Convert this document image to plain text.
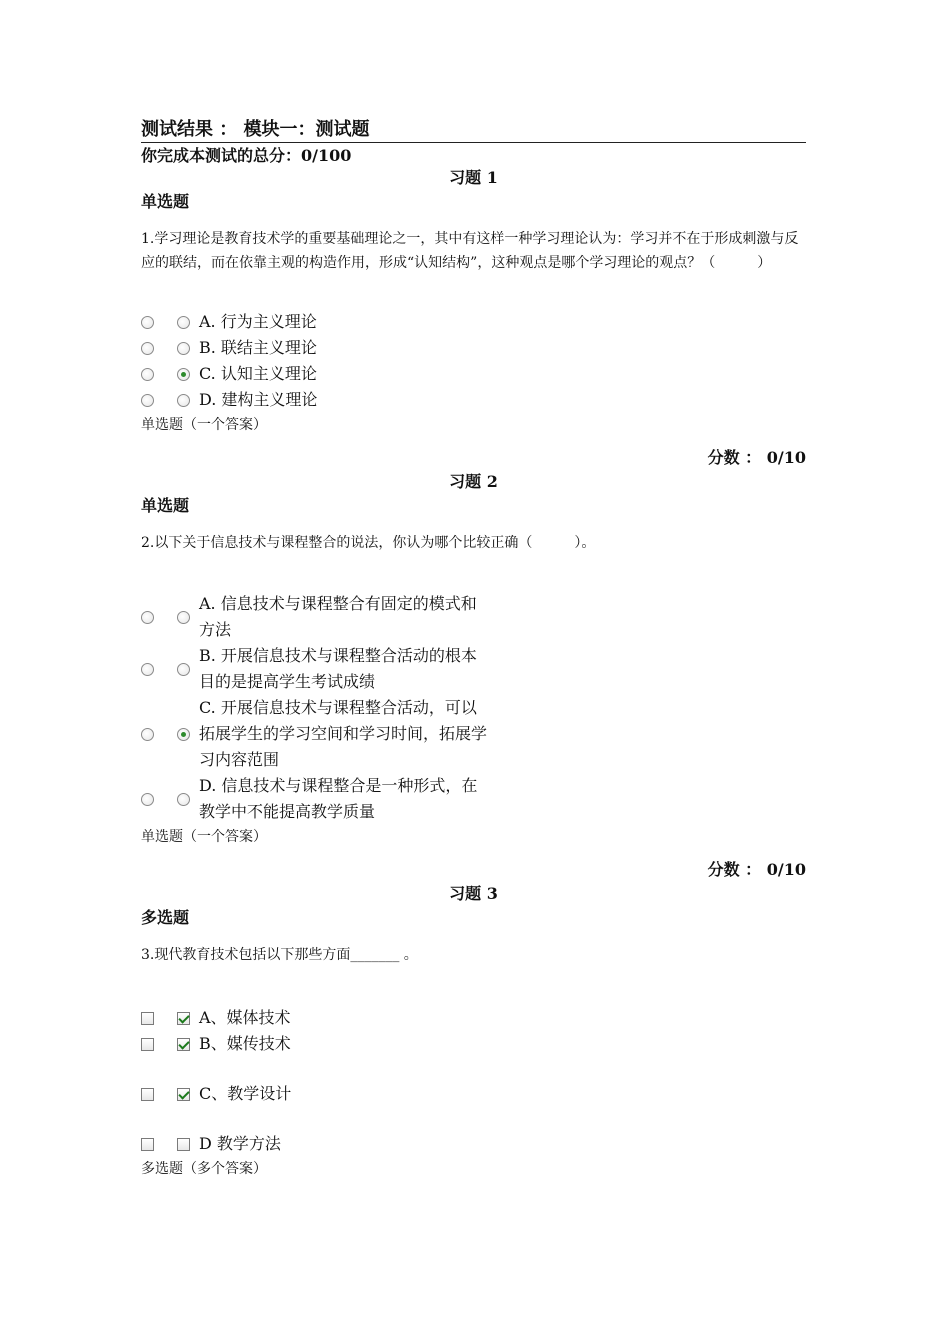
测试结果 ： 模块一：测试题
你完成本测试的总分：0/100
习题 1
单选题
1.学习理论是教育技术学的重要基础理论之一，其中有这样一种学习理论认为：学习并不在于形成刺激与反应的联结，而在依靠主观的构造作用，形成“认知结构”，这种观点是哪个学习理论的观点？（　　　）
A. 行为主义理论
B. 联结主义理论
C. 认知主义理论
D. 建构主义理论
单选题（一个答案）
分数 ： 0/10
习题 2
单选题
2.以下关于信息技术与课程整合的说法，你认为哪个比较正确（　　　）。
A. 信息技术与课程整合有固定的模式和方法
B. 开展信息技术与课程整合活动的根本目的是提高学生考试成绩
C. 开展信息技术与课程整合活动，可以拓展学生的学习空间和学习时间，拓展学习内容范围
D. 信息技术与课程整合是一种形式，在教学中不能提高教学质量
单选题（一个答案）
分数 ： 0/10
习题 3
多选题
3.现代教育技术包括以下那些方面_______ 。
A、媒体技术
B、媒传技术
C、教学设计
D 教学方法
多选题（多个答案）
